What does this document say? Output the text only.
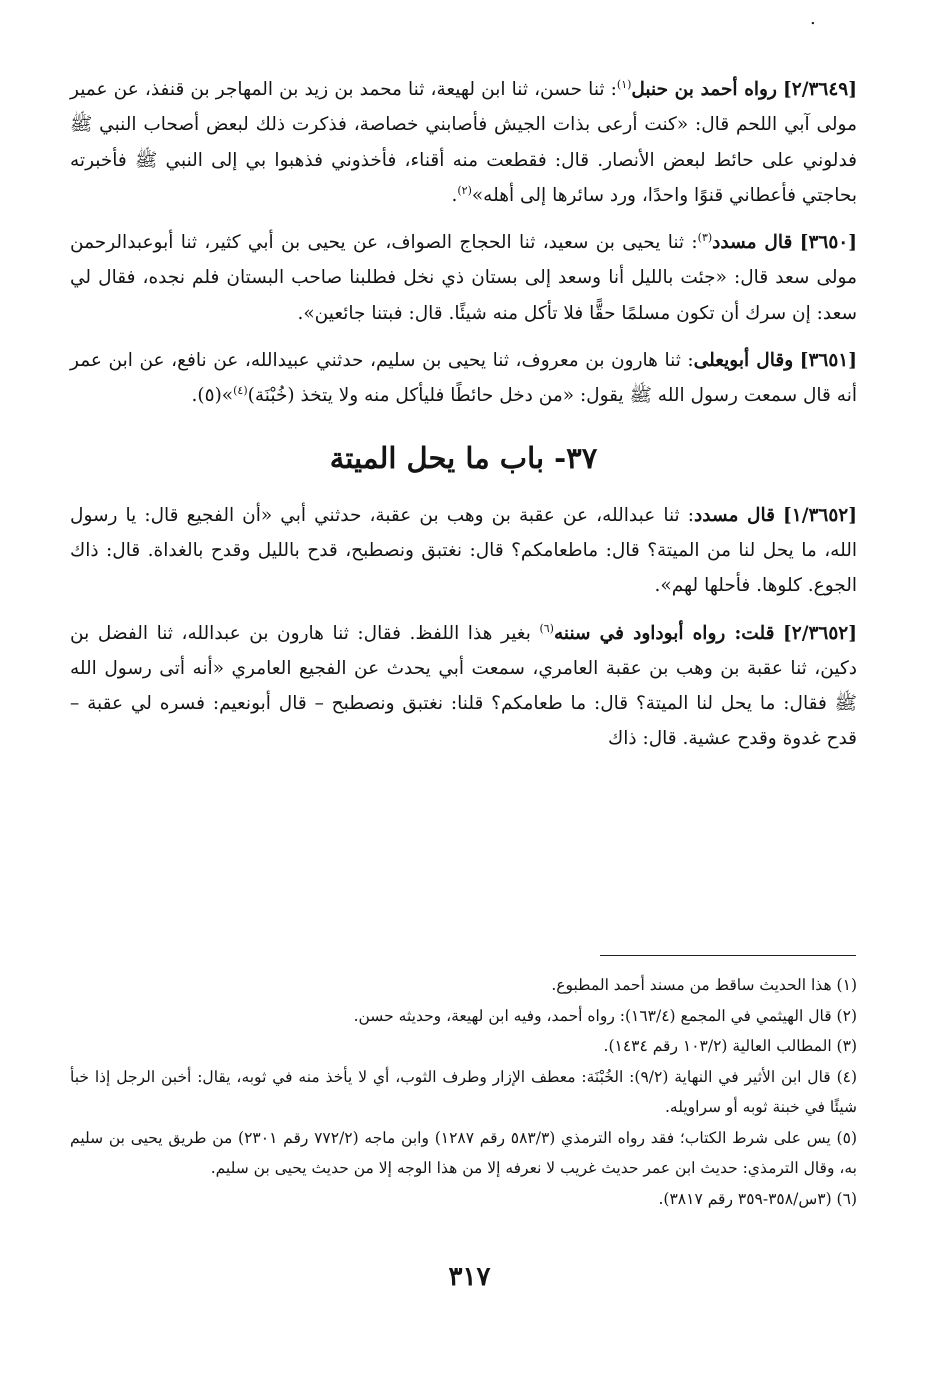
.

[٢/٣٦٤٩] رواه أحمد بن حنبل$^{(١)}$: ثنا حسن، ثنا ابن لهيعة، ثنا محمد بن زيد بن المهاجر بن قنفذ، عن عمير مولى آبي اللحم قال: «كنت أرعى بذات الجيش فأصابني خصاصة، فذكرت ذلك لبعض أصحاب النبي ﷺ فدلوني على حائط لبعض الأنصار. قال: فقطعت منه أقناء، فأخذوني فذهبوا بي إلى النبي ﷺ فأخبرته بحاجتي فأعطاني قنوًا واحدًا، ورد سائرها إلى أهله»$^{(٢)}$.

[٣٦٥٠] قال مسدد$^{(٣)}$: ثنا يحيى بن سعيد، ثنا الحجاج الصواف، عن يحيى بن أبي كثير، ثنا أبوعبدالرحمن مولى سعد قال: «جئت بالليل أنا وسعد إلى بستان ذي نخل فطلبنا صاحب البستان فلم نجده، فقال لي سعد: إن سرك أن تكون مسلمًا حقًّا فلا تأكل منه شيئًا. قال: فبتنا جائعين».

[٣٦٥١] وقال أبويعلى: ثنا هارون بن معروف، ثنا يحيى بن سليم، حدثني عبيدالله، عن نافع، عن ابن عمر أنه قال سمعت رسول الله ﷺ يقول: «من دخل حائطًا فليأكل منه ولا يتخذ (خُبْنَة)$^{(٤)}$»(٥).

٣٧- باب ما يحل الميتة

[١/٣٦٥٢] قال مسدد: ثنا عبدالله، عن عقبة بن وهب بن عقبة، حدثني أبي «أن الفجيع قال: يا رسول الله، ما يحل لنا من الميتة؟ قال: ماطعامكم؟ قال: نغتبق ونصطبح، قدح بالليل وقدح بالغداة. قال: ذاك الجوع. كلوها. فأحلها لهم».

[٢/٣٦٥٢] قلت: رواه أبوداود في سننه$^{(٦)}$ بغير هذا اللفظ. فقال: ثنا هارون بن عبدالله، ثنا الفضل بن دكين، ثنا عقبة بن وهب بن عقبة العامري، سمعت أبي يحدث عن الفجيع العامري «أنه أتى رسول الله ﷺ فقال: ما يحل لنا الميتة؟ قال: ما طعامكم؟ قلنا: نغتبق ونصطبح – قال أبونعيم: فسره لي عقبة – قدح غدوة وقدح عشية. قال: ذاك

(١) هذا الحديث ساقط من مسند أحمد المطبوع.

(٢) قال الهيثمي في المجمع (١٦٣/٤): رواه أحمد، وفيه ابن لهيعة، وحديثه حسن.

(٣) المطالب العالية (١٠٣/٢ رقم ١٤٣٤).

(٤) قال ابن الأثير في النهاية (٩/٢): الخُبْنَة: معطف الإزار وطرف الثوب، أي لا يأخذ منه في ثوبه، يقال: أخبن الرجل إذا خبأ شيئًا في خبنة ثوبه أو سراويله.

(٥) يس على شرط الكتاب؛ فقد رواه الترمذي (٥٨٣/٣ رقم ١٢٨٧) وابن ماجه (٧٧٢/٢ رقم ٢٣٠١) من طريق يحيى بن سليم به، وقال الترمذي: حديث ابن عمر حديث غريب لا نعرفه إلا من هذا الوجه إلا من حديث يحيى بن سليم.

(٦) (٣س/٣٥٨-٣٥٩ رقم ٣٨١٧).

٣١٧
